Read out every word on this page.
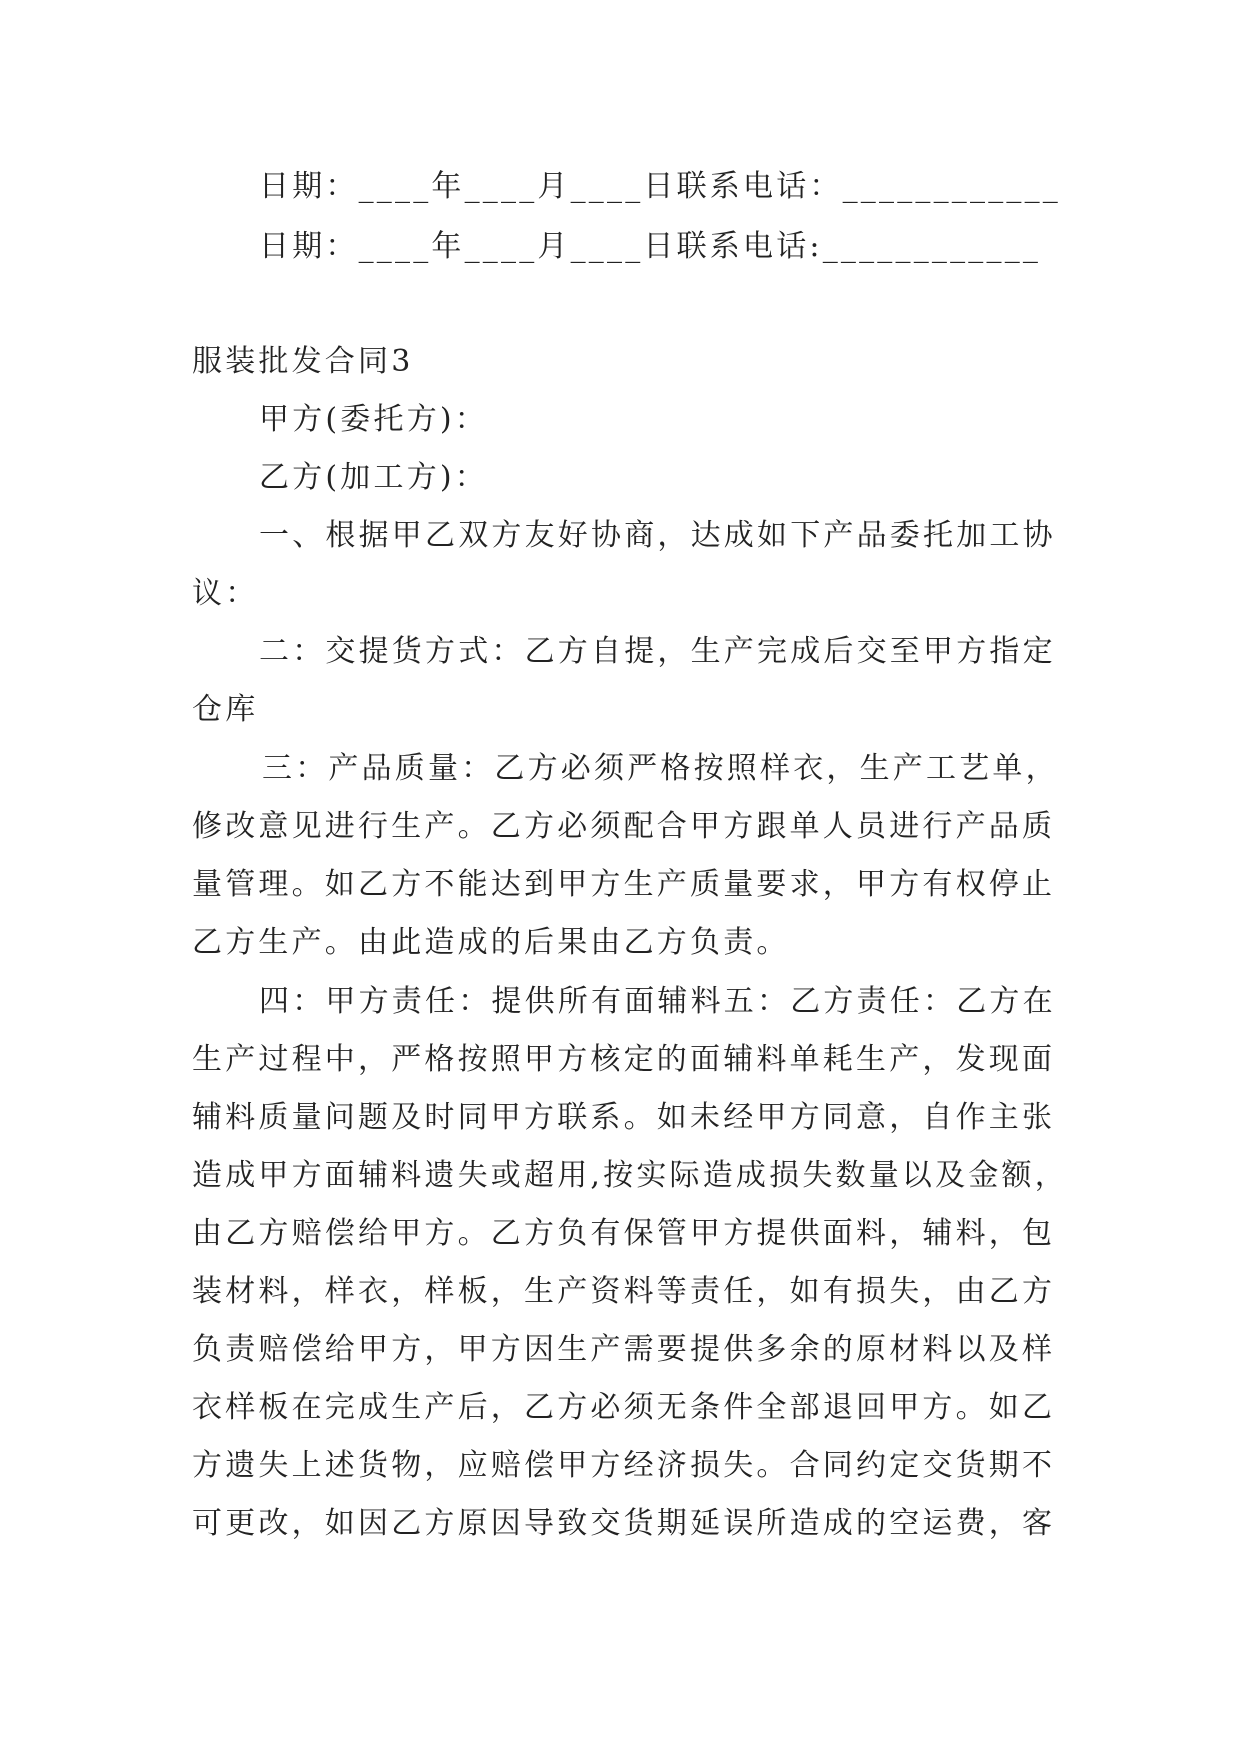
日期：____年____月____日联系电话：____________

日期：____年____月____日联系电话:____________

服装批发合同3

甲方(委托方)：

乙方(加工方)：

一、根据甲乙双方友好协商，达成如下产品委托加工协

议：

二：交提货方式：乙方自提，生产完成后交至甲方指定

仓库

三：产品质量：乙方必须严格按照样衣，生产工艺单，

修改意见进行生产。乙方必须配合甲方跟单人员进行产品质

量管理。如乙方不能达到甲方生产质量要求，甲方有权停止

乙方生产。由此造成的后果由乙方负责。

四：甲方责任：提供所有面辅料五：乙方责任：乙方在

生产过程中，严格按照甲方核定的面辅料单耗生产，发现面

辅料质量问题及时同甲方联系。如未经甲方同意，自作主张

造成甲方面辅料遗失或超用,按实际造成损失数量以及金额，

由乙方赔偿给甲方。乙方负有保管甲方提供面料，辅料，包

装材料，样衣，样板，生产资料等责任，如有损失，由乙方

负责赔偿给甲方，甲方因生产需要提供多余的原材料以及样

衣样板在完成生产后，乙方必须无条件全部退回甲方。如乙

方遗失上述货物，应赔偿甲方经济损失。合同约定交货期不

可更改，如因乙方原因导致交货期延误所造成的空运费，客
